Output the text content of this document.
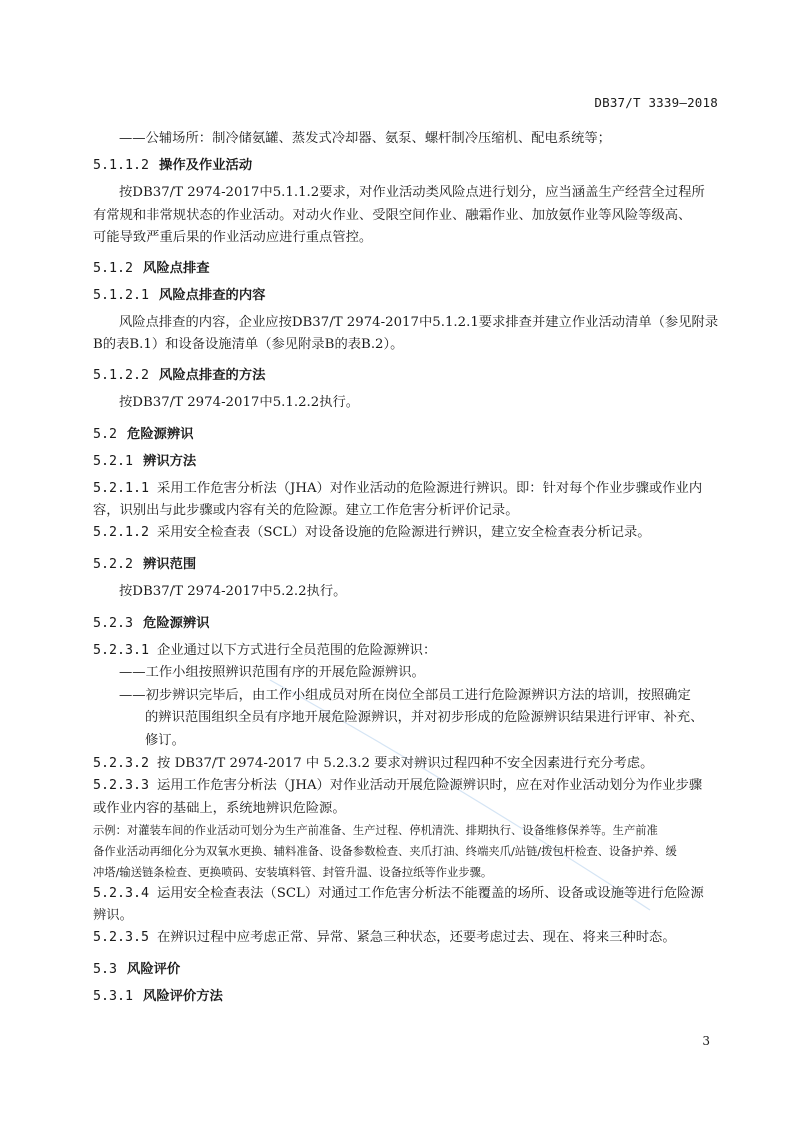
DB37/T 3339—2018

——公辅场所：制冷储氨罐、蒸发式冷却器、氨泵、螺杆制冷压缩机、配电系统等；

5.1.1.2 操作及作业活动

按DB37/T 2974-2017中5.1.1.2要求，对作业活动类风险点进行划分，应当涵盖生产经营全过程所

有常规和非常规状态的作业活动。对动火作业、受限空间作业、融霜作业、加放氨作业等风险等级高、

可能导致严重后果的作业活动应进行重点管控。

5.1.2 风险点排查

5.1.2.1 风险点排查的内容

风险点排查的内容，企业应按DB37/T 2974-2017中5.1.2.1要求排查并建立作业活动清单（参见附录

B的表B.1）和设备设施清单（参见附录B的表B.2）。

5.1.2.2 风险点排查的方法

按DB37/T 2974-2017中5.1.2.2执行。

5.2 危险源辨识

5.2.1 辨识方法

5.2.1.1 采用工作危害分析法（JHA）对作业活动的危险源进行辨识。即：针对每个作业步骤或作业内

容，识别出与此步骤或内容有关的危险源。建立工作危害分析评价记录。

5.2.1.2 采用安全检查表（SCL）对设备设施的危险源进行辨识，建立安全检查表分析记录。

5.2.2 辨识范围

按DB37/T 2974-2017中5.2.2执行。

5.2.3 危险源辨识

5.2.3.1 企业通过以下方式进行全员范围的危险源辨识：

——工作小组按照辨识范围有序的开展危险源辨识。

——初步辨识完毕后，由工作小组成员对所在岗位全部员工进行危险源辨识方法的培训，按照确定

的辨识范围组织全员有序地开展危险源辨识，并对初步形成的危险源辨识结果进行评审、补充、

修订。

5.2.3.2 按 DB37/T 2974-2017 中 5.2.3.2 要求对辨识过程四种不安全因素进行充分考虑。

5.2.3.3 运用工作危害分析法（JHA）对作业活动开展危险源辨识时，应在对作业活动划分为作业步骤

或作业内容的基础上，系统地辨识危险源。

示例：对灌装车间的作业活动可划分为生产前准备、生产过程、停机清洗、排期执行、设备维修保养等。生产前准

备作业活动再细化分为双氧水更换、辅料准备、设备参数检查、夹爪打油、终端夹爪/站链/拨包杆检查、设备护养、缓

冲塔/输送链条检查、更换喷码、安装填料管、封管升温、设备拉纸等作业步骤。

5.2.3.4 运用安全检查表法（SCL）对通过工作危害分析法不能覆盖的场所、设备或设施等进行危险源

辨识。

5.2.3.5 在辨识过程中应考虑正常、异常、紧急三种状态，还要考虑过去、现在、将来三种时态。

5.3 风险评价

5.3.1 风险评价方法

3
